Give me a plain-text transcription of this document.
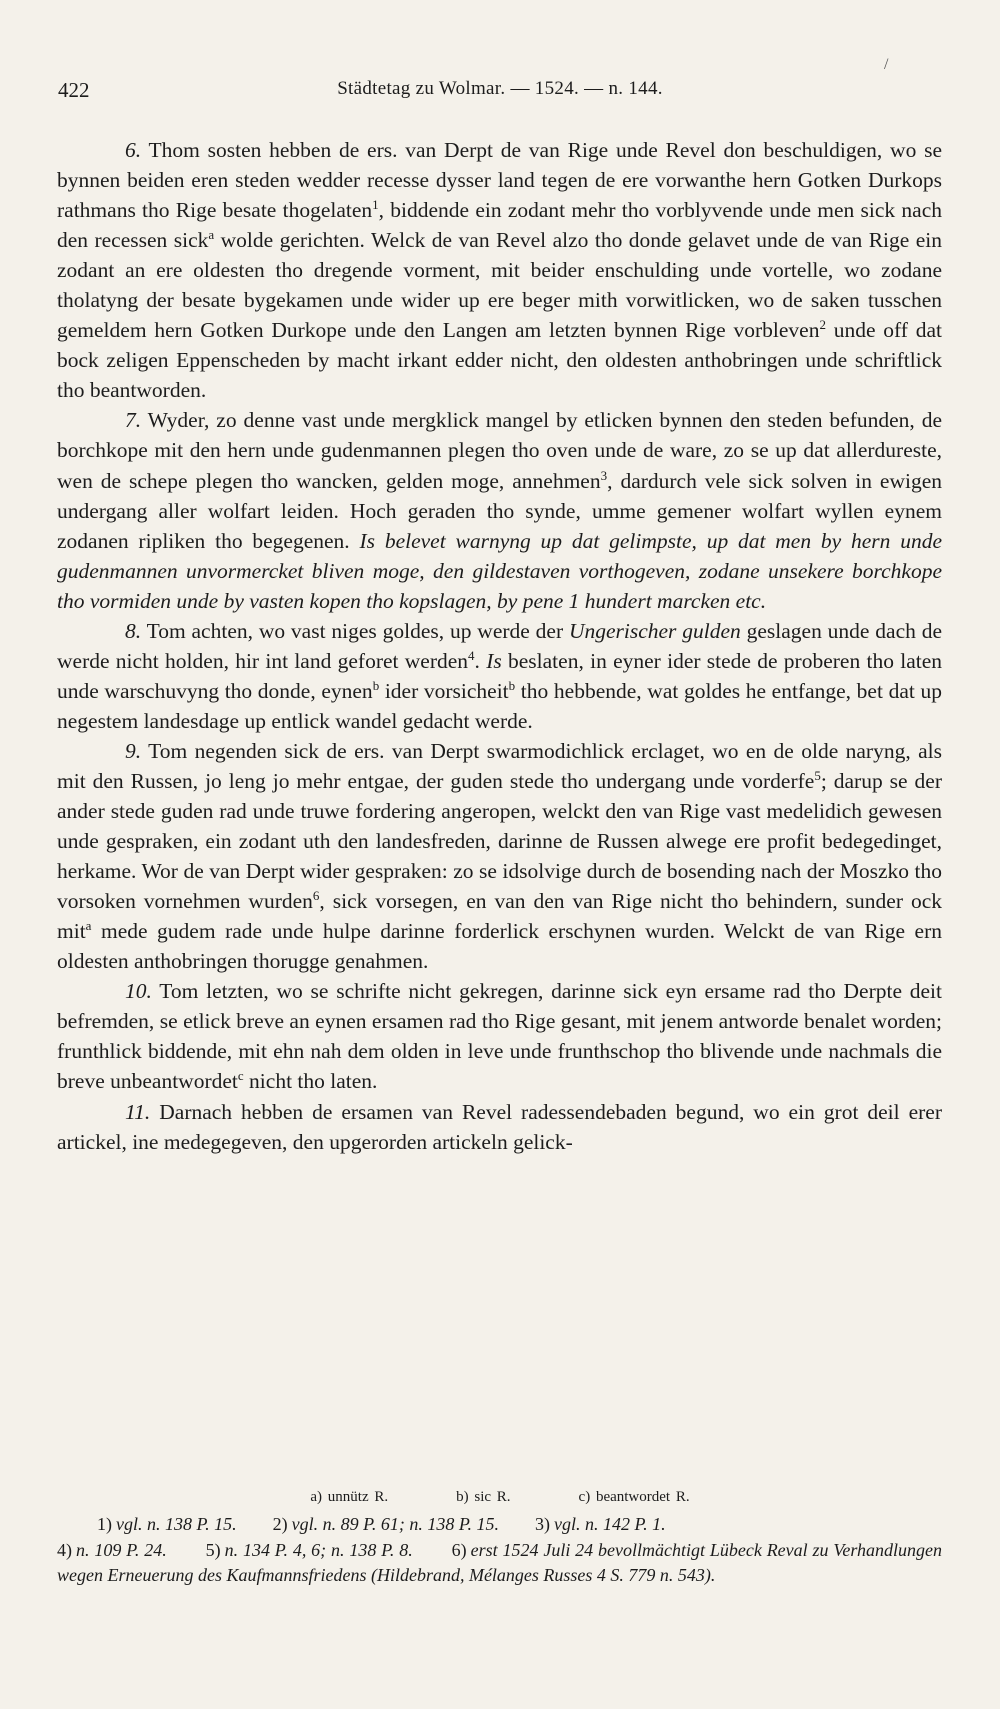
422	Städtetag zu Wolmar. — 1524. — n. 144.
/

6. Thom sosten hebben de ers. van Derpt de van Rige unde Revel don beschuldigen, wo se bynnen beiden eren steden wedder recesse dysser land tegen de ere vorwanthe hern Gotken Durkops rathmans tho Rige besate thogelaten$^1$, biddende ein zodant mehr tho vorblyvende unde men sick nach den recessen sick$^a$ wolde gerichten. Welck de van Revel alzo tho donde gelavet unde de van Rige ein zodant an ere oldesten tho dregende vorment, mit beider enschulding unde vortelle, wo zodane tholatyng der besate bygekamen unde wider up ere beger mith vorwitlicken, wo de saken tusschen gemeldem hern Gotken Durkope unde den Langen am letzten bynnen Rige vorbleven$^2$ unde off dat bock zeligen Eppenscheden by macht irkant edder nicht, den oldesten anthobringen unde schriftlick tho beantworden.

7. Wyder, zo denne vast unde mergklick mangel by etlicken bynnen den steden befunden, de borchkope mit den hern unde gudenmannen plegen tho oven unde de ware, zo se up dat allerdureste, wen de schepe plegen tho wancken, gelden moge, annehmen$^3$, dardurch vele sick solven in ewigen undergang aller wolfart leiden. Hoch geraden tho synde, umme gemener wolfart wyllen eynem zodanen ripliken tho begegenen. Is belevet warnyng up dat gelimpste, up dat men by hern unde gudenmannen unvormercket bliven moge, den gildestaven vorthogeven, zodane unsekere borchkope tho vormiden unde by vasten kopen tho kopslagen, by pene 1 hundert marcken etc.

8. Tom achten, wo vast niges goldes, up werde der Ungerischer gulden geslagen unde dach de werde nicht holden, hir int land geforet werden$^4$. Is beslaten, in eyner ider stede de proberen tho laten unde warschuvyng tho donde, eynen$^b$ ider vorsicheit$^b$ tho hebbende, wat goldes he entfange, bet dat up negestem landesdage up entlick wandel gedacht werde.

9. Tom negenden sick de ers. van Derpt swarmodichlick erclaget, wo en de olde naryng, als mit den Russen, jo leng jo mehr entgae, der guden stede tho undergang unde vorderfe$^5$; darup se der ander stede guden rad unde truwe fordering angeropen, welckt den van Rige vast medelidich gewesen unde gespraken, ein zodant uth den landesfreden, darinne de Russen alwege ere profit bedegedinget, herkame. Wor de van Derpt wider gespraken: zo se idsolvige durch de bosending nach der Moszko tho vorsoken vornehmen wurden$^6$, sick vorsegen, en van den van Rige nicht tho behindern, sunder ock mit$^a$ mede gudem rade unde hulpe darinne forderlick erschynen wurden. Welckt de van Rige ern oldesten anthobringen thorugge genahmen.

10. Tom letzten, wo se schrifte nicht gekregen, darinne sick eyn ersame rad tho Derpte deit befremden, se etlick breve an eynen ersamen rad tho Rige gesant, mit jenem antworde benalet worden; frunthlick biddende, mit ehn nah dem olden in leve unde frunthschop tho blivende unde nachmals die breve unbeantwordet$^c$ nicht tho laten.

11. Darnach hebben de ersamen van Revel radessendebaden begund, wo ein grot deil erer artickel, ine medegegeven, den upgerorden artickeln gelick-

a) unnütz R.	b) sic R.	c) beantwordet R.

1) vgl. n. 138 P. 15. 2) vgl. n. 89 P. 61; n. 138 P. 15. 3) vgl. n. 142 P. 1.

4) n. 109 P. 24. 5) n. 134 P. 4, 6; n. 138 P. 8. 6) erst 1524 Juli 24 bevollmächtigt Lübeck Reval zu Verhandlungen wegen Erneuerung des Kaufmannsfriedens (Hildebrand, Mélanges Russes 4 S. 779 n. 543).
